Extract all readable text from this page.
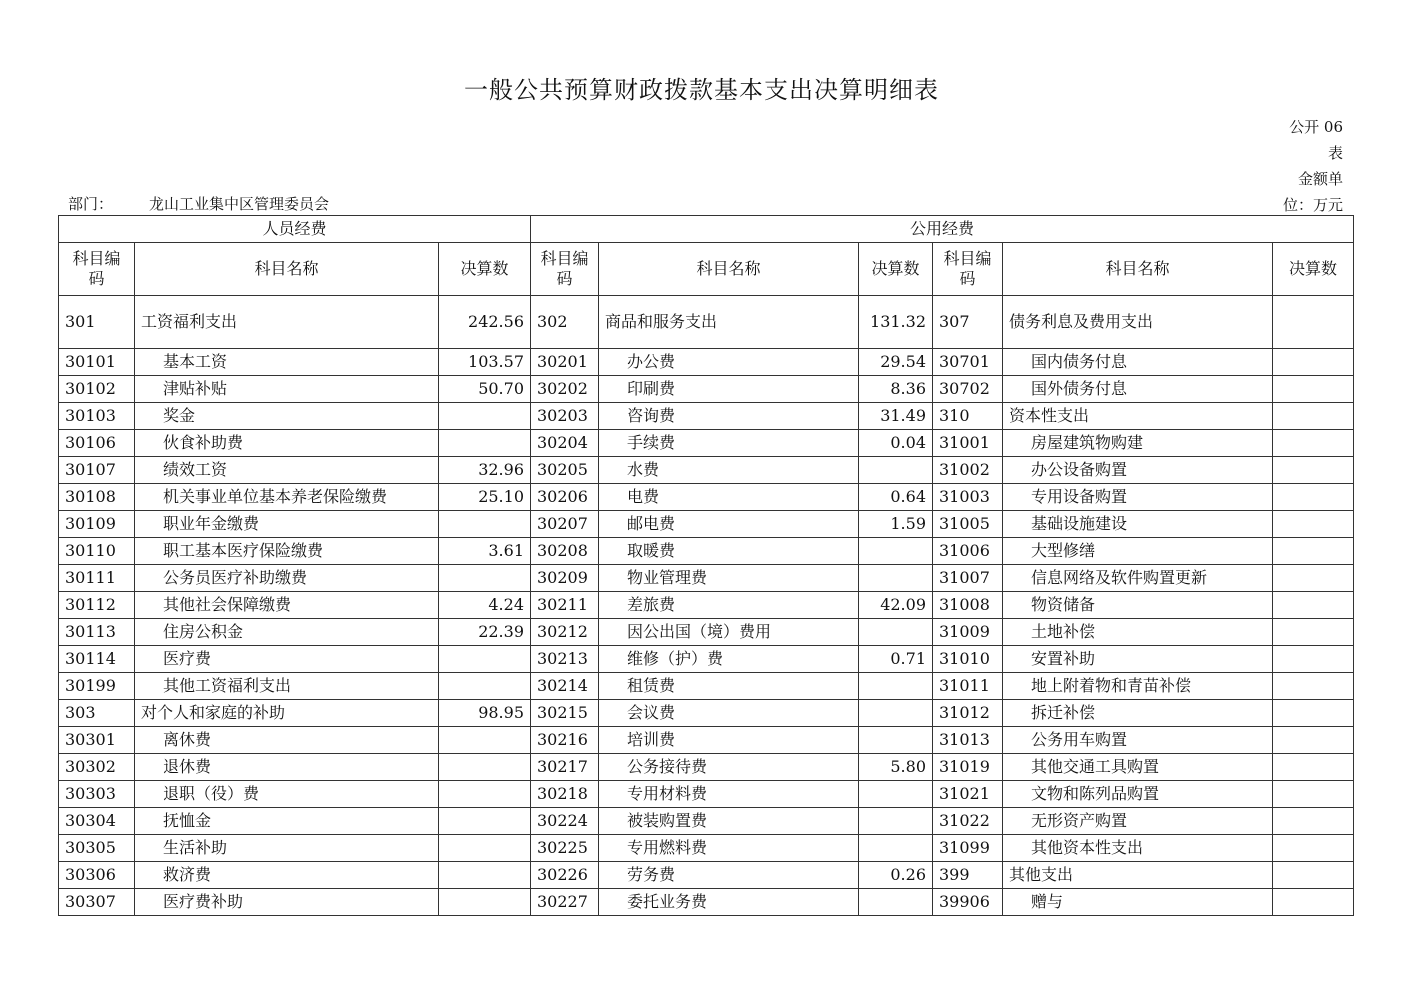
一般公共预算财政拨款基本支出决算明细表
公开 06
表
金额单
位：万元
部门： 龙山工业集中区管理委员会
人员经费			公用经费					
科目编码	科目名称	决算数	科目编码	科目名称	决算数	科目编码	科目名称	决算数
301	工资福利支出	242.56	302	商品和服务支出	131.32	307	债务利息及费用支出	
30101	基本工资	103.57	30201	办公费	29.54	30701	国内债务付息	
30102	津贴补贴	50.70	30202	印刷费	8.36	30702	国外债务付息	
30103	奖金		30203	咨询费	31.49	310	资本性支出	
30106	伙食补助费		30204	手续费	0.04	31001	房屋建筑物购建	
30107	绩效工资	32.96	30205	水费		31002	办公设备购置	
30108	机关事业单位基本养老保险缴费	25.10	30206	电费	0.64	31003	专用设备购置	
30109	职业年金缴费		30207	邮电费	1.59	31005	基础设施建设	
30110	职工基本医疗保险缴费	3.61	30208	取暖费		31006	大型修缮	
30111	公务员医疗补助缴费		30209	物业管理费		31007	信息网络及软件购置更新	
30112	其他社会保障缴费	4.24	30211	差旅费	42.09	31008	物资储备	
30113	住房公积金	22.39	30212	因公出国（境）费用		31009	土地补偿	
30114	医疗费		30213	维修（护）费	0.71	31010	安置补助	
30199	其他工资福利支出		30214	租赁费		31011	地上附着物和青苗补偿	
303	对个人和家庭的补助	98.95	30215	会议费		31012	拆迁补偿	
30301	离休费		30216	培训费		31013	公务用车购置	
30302	退休费		30217	公务接待费	5.80	31019	其他交通工具购置	
30303	退职（役）费		30218	专用材料费		31021	文物和陈列品购置	
30304	抚恤金		30224	被装购置费		31022	无形资产购置	
30305	生活补助		30225	专用燃料费		31099	其他资本性支出	
30306	救济费		30226	劳务费	0.26	399	其他支出	
30307	医疗费补助		30227	委托业务费		39906	赠与	
